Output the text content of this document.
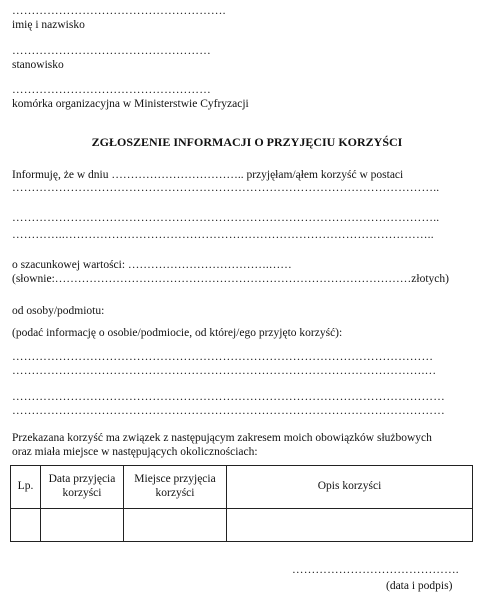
……………………………………………….
imię i nazwisko
……………………………………………
stanowisko
……………………………………………
komórka organizacyjna w Ministerstwie Cyfryzacji
ZGŁOSZENIE INFORMACJI O PRZYJĘCIU KORZYŚCI
Informuję, że w dniu …………………………….. przyjęłam/ąłem korzyść w postaci
………………………………………………………………………………………………..
………………………………………………………………………………………………..
…………..…………………………………………………………………………………..
o szacunkowej wartości: ……………………………….……
(słownie:…………………………………………………………………………………złotych)
od osoby/podmiotu:
(podać informację o osobie/podmiocie, od której/ego przyjęto korzyść):
………………………………………………………………………………………………
…………………………………………………………………………………………….…
…………………………………………………………………………………………………
…………………………………………………………………………………………………
Przekazana korzyść ma związek z następującym zakresem moich obowiązków służbowych
oraz miała miejsce w następujących okolicznościach:
Lp.	Data przyjęcia korzyści	Miejsce przyjęcia korzyści	Opis korzyści

…………………………………….
(data i podpis)
